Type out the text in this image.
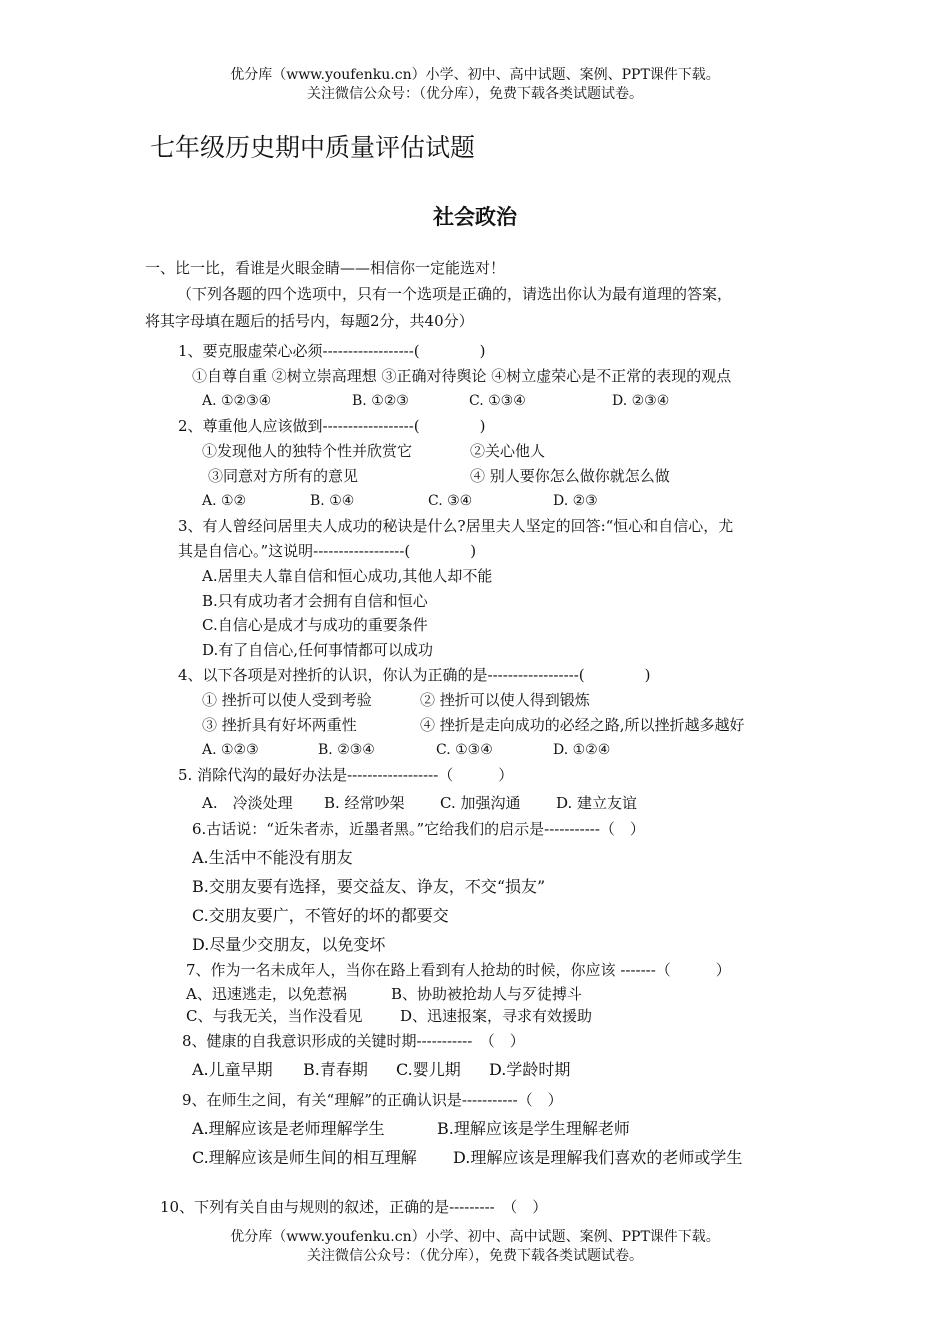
优分库（www.youfenku.cn）小学、初中、高中试题、案例、PPT课件下载。
关注微信公众号：（优分库），免费下载各类试题试卷。
七年级历史期中质量评估试题
社会政治
一、比一比，看谁是火眼金睛——相信你一定能选对！
（下列各题的四个选项中，只有一个选项是正确的，请选出你认为最有道理的答案，
将其字母填在题后的括号内，每题2分，共40分）
1、要克服虚荣心必须------------------(　　　　)
①自尊自重 ②树立崇高理想 ③正确对待舆论 ④树立虚荣心是不正常的表现的观点
A. ①②③④	B. ①②③	C. ①③④	D. ②③④
2、尊重他人应该做到------------------(　　　　)
①发现他人的独特个性并欣赏它	②关心他人
③同意对方所有的意见	④ 别人要你怎么做你就怎么做
A. ①②	B. ①④	C. ③④	D. ②③
3、有人曾经问居里夫人成功的秘诀是什么?居里夫人坚定的回答:“恒心和自信心，尤
其是自信心。”这说明------------------(　　　　)
A.居里夫人靠自信和恒心成功,其他人却不能
B.只有成功者才会拥有自信和恒心
C.自信心是成才与成功的重要条件
D.有了自信心,任何事情都可以成功
4、以下各项是对挫折的认识，你认为正确的是------------------(　　　　)
① 挫折可以使人受到考验	② 挫折可以使人得到锻炼
③ 挫折具有好坏两重性	④ 挫折是走向成功的必经之路,所以挫折越多越好
A. ①②③	B. ②③④	C. ①③④	D. ①②④
5. 消除代沟的最好办法是------------------（　　　）
A.　冷淡处理 B. 经常吵架 C. 加强沟通 D. 建立友谊
6.古话说：“近朱者赤，近墨者黑。”它给我们的启示是-----------（　）
A.生活中不能没有朋友
B.交朋友要有选择，要交益友、诤友，不交“损友”
C.交朋友要广，不管好的坏的都要交
D.尽量少交朋友，以免变坏
7、作为一名未成年人，当你在路上看到有人抢劫的时候，你应该 -------（　　　）
A、迅速逃走，以免惹祸	B、协助被抢劫人与歹徒搏斗
C、与我无关，当作没看见	D、迅速报案，寻求有效援助
8、健康的自我意识形成的关键时期-----------　（　）
A.儿童早期 B.青春期 C.婴儿期 D.学龄时期
9、在师生之间，有关“理解”的正确认识是-----------（　）
A.理解应该是老师理解学生	B.理解应该是学生理解老师
C.理解应该是师生间的相互理解 D.理解应该是理解我们喜欢的老师或学生
10、下列有关自由与规则的叙述，正确的是---------　（　）
优分库（www.youfenku.cn）小学、初中、高中试题、案例、PPT课件下载。
关注微信公众号：（优分库），免费下载各类试题试卷。
